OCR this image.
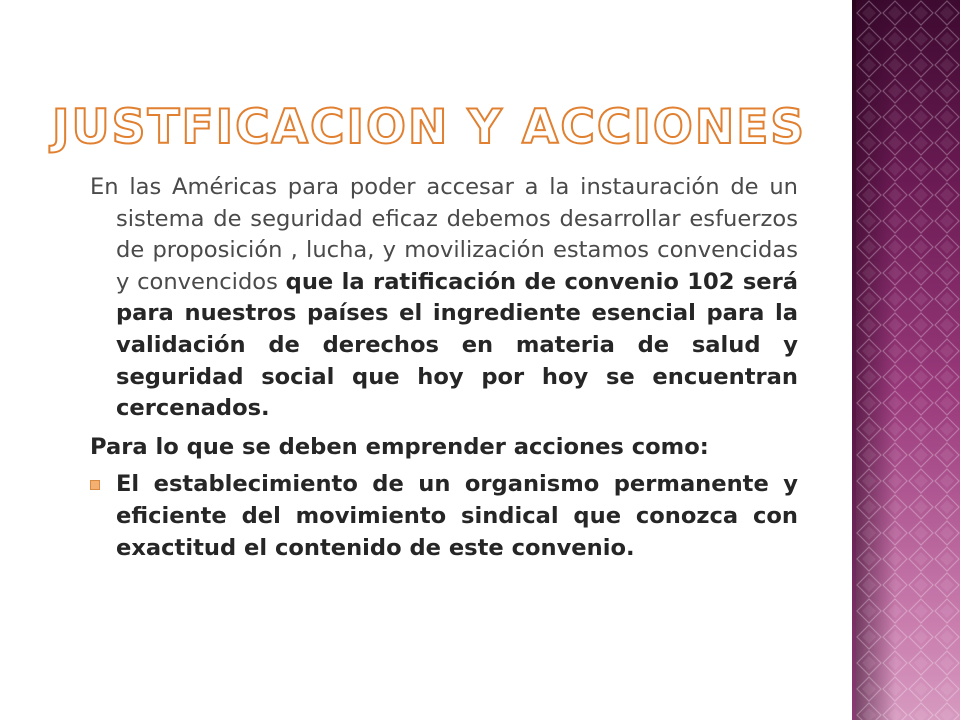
JUSTFICACION Y ACCIONES

En las Américas para poder accesar a la instauración de un sistema de seguridad eficaz debemos desarrollar esfuerzos de proposición , lucha, y movilización estamos convencidas y convencidos que la ratificación de convenio 102 será para nuestros países el ingrediente esencial para la validación de derechos en materia de salud y seguridad social que hoy por hoy se encuentran cercenados.

Para lo que se deben emprender acciones como:
El establecimiento de un organismo permanente y eficiente del movimiento sindical que conozca con exactitud el contenido de este convenio.
